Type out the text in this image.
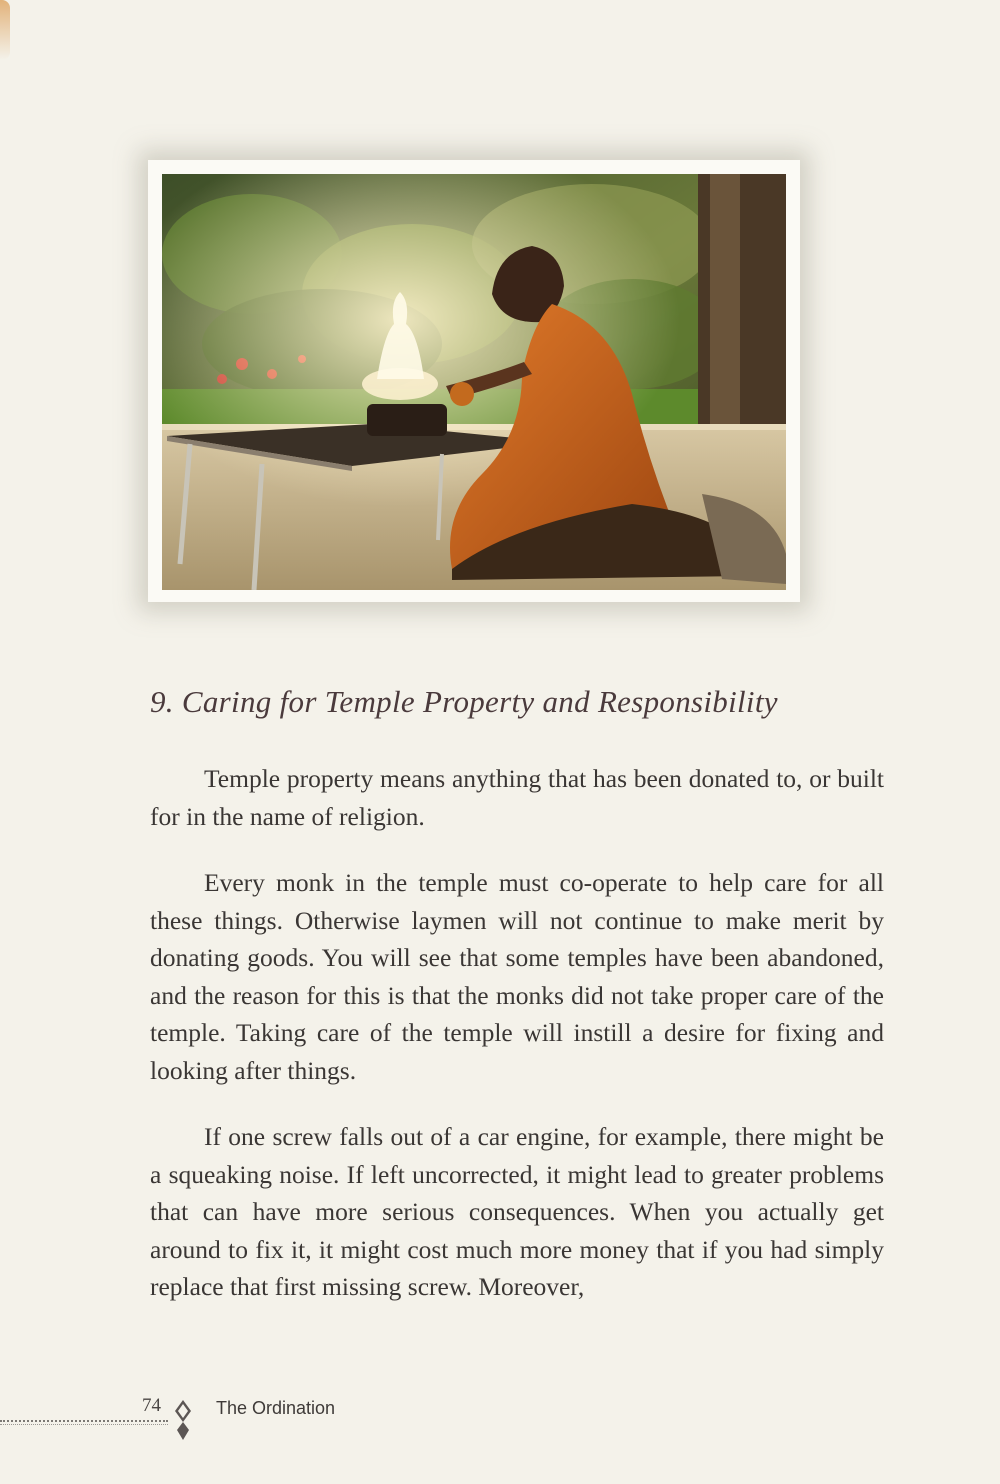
9. Caring for Temple Property and Responsibility

Temple property means anything that has been donated to, or built for in the name of religion.

Every monk in the temple must co-operate to help care for all these things. Otherwise laymen will not continue to make merit by donating goods. You will see that some temples have been abandoned, and the reason for this is that the monks did not take proper care of the temple. Taking care of the temple will instill a desire for fixing and looking after things.

If one screw falls out of a car engine, for example, there might be a squeaking noise. If left uncorrected, it might lead to greater problems that can have more serious consequences. When you actually get around to fix it, it might cost much more money that if you had simply replace that first missing screw. Moreover,

74	The Ordination
